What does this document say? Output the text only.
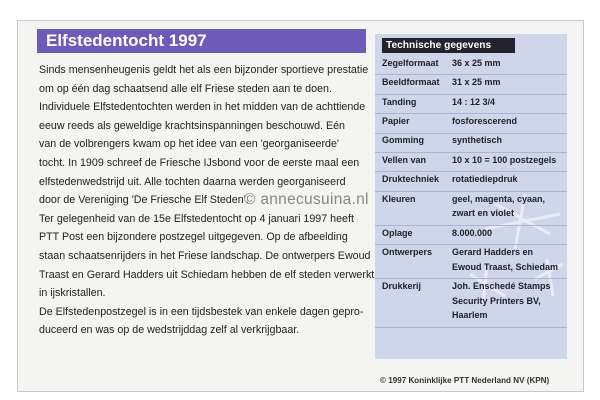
Elfstedentocht 1997

Sinds mensenheugenis geldt het als een bijzonder sportieve prestatie

om op één dag schaatsend alle elf Friese steden aan te doen.

Individuele Elfstedentochten werden in het midden van de achttiende

eeuw reeds als geweldige krachtsinspanningen beschouwd. Eén

van de volbrengers kwam op het idee van een 'georganiseerde'

tocht. In 1909 schreef de Friesche IJsbond voor de eerste maal een

elfstedenwedstrijd uit. Alle tochten daarna werden georganiseerd

door de Vereniging 'De Friesche Elf Steden'.

Ter gelegenheid van de 15e Elfstedentocht op 4 januari 1997 heeft

PTT Post een bijzondere postzegel uitgegeven. Op de afbeelding

staan schaatsenrijders in het Friese landschap. De ontwerpers Ewoud

Traast en Gerard Hadders uit Schiedam hebben de elf steden verwerkt

in ijskristallen.

De Elfstedenpostzegel is in een tijdsbestek van enkele dagen gepro-

duceerd en was op de wedstrijddag zelf al verkrijgbaar.

Technische gegevens
Zegelformaat 36 x 25 mm
Beeldformaat 31 x 25 mm
Tanding	14 : 12 3/4
Papier	fosforescerend
Gomming	synthetisch
Vellen van	10 x 10 = 100 postzegels
Druktechniek rotatiediepdruk
Kleuren	geel, magenta, cyaan,
zwart en violet
Oplage	8.000.000
Ontwerpers Gerard Hadders en
Ewoud Traast, Schiedam
Drukkerij	Joh. Enschedé Stamps
Security Printers BV,
Haarlem
© annecusuina.nl
© 1997 Koninklijke PTT Nederland NV (KPN)
